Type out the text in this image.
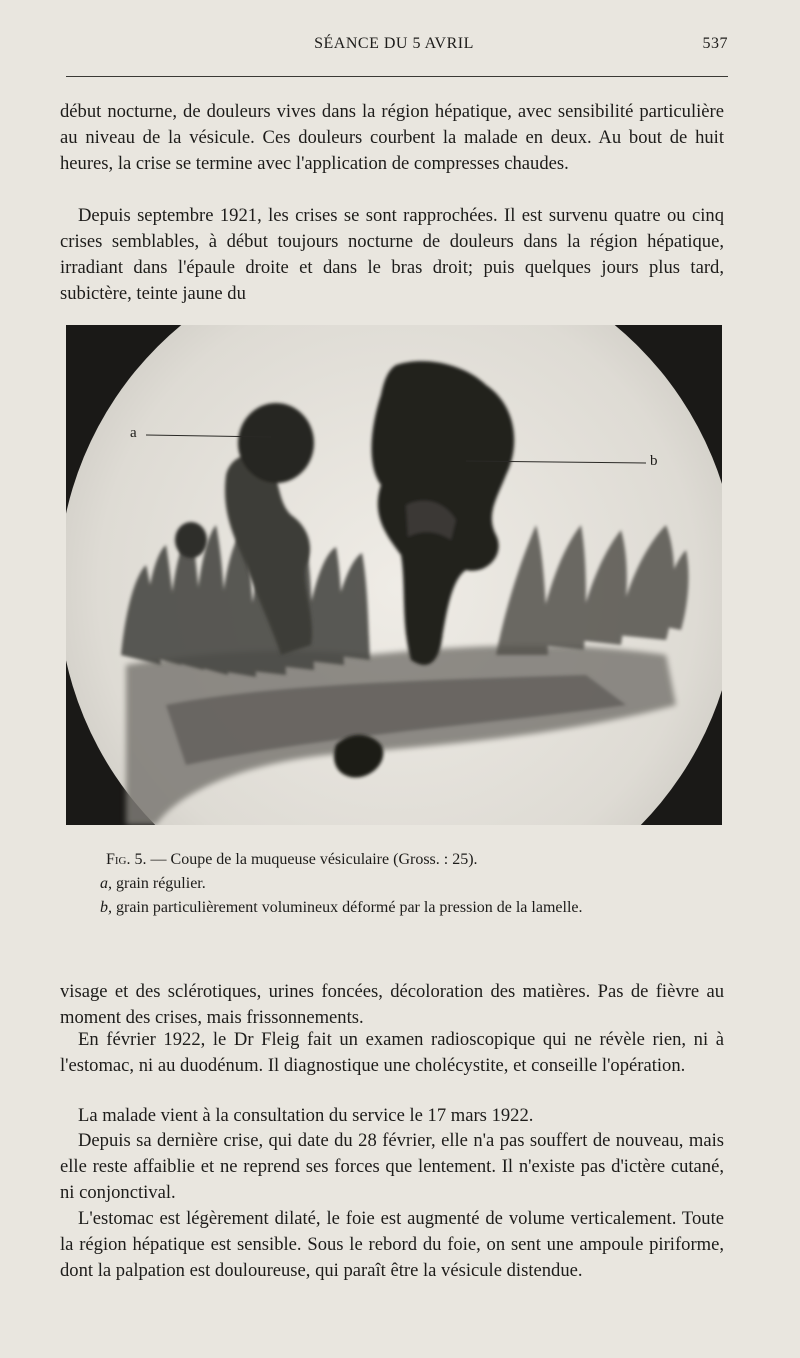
SÉANCE DU 5 AVRIL	537

début nocturne, de douleurs vives dans la région hépatique, avec sensibilité particulière au niveau de la vésicule. Ces douleurs courbent la malade en deux. Au bout de huit heures, la crise se termine avec l'application de compresses chaudes.

Depuis septembre 1921, les crises se sont rapprochées. Il est survenu quatre ou cinq crises semblables, à début toujours nocturne de douleurs dans la région hépatique, irradiant dans l'épaule droite et dans le bras droit; puis quelques jours plus tard, subictère, teinte jaune du

a
b

Fig. 5. — Coupe de la muqueuse vésiculaire (Gross. : 25).

a, grain régulier.

b, grain particulièrement volumineux déformé par la pression de la lamelle.

visage et des sclérotiques, urines foncées, décoloration des matières. Pas de fièvre au moment des crises, mais frissonnements.

En février 1922, le Dr Fleig fait un examen radioscopique qui ne révèle rien, ni à l'estomac, ni au duodénum. Il diagnostique une cholécystite, et conseille l'opération.

La malade vient à la consultation du service le 17 mars 1922.

Depuis sa dernière crise, qui date du 28 février, elle n'a pas souffert de nouveau, mais elle reste affaiblie et ne reprend ses forces que lentement. Il n'existe pas d'ictère cutané, ni conjonctival.

L'estomac est légèrement dilaté, le foie est augmenté de volume verticalement. Toute la région hépatique est sensible. Sous le rebord du foie, on sent une ampoule piriforme, dont la palpation est douloureuse, qui paraît être la vésicule distendue.
